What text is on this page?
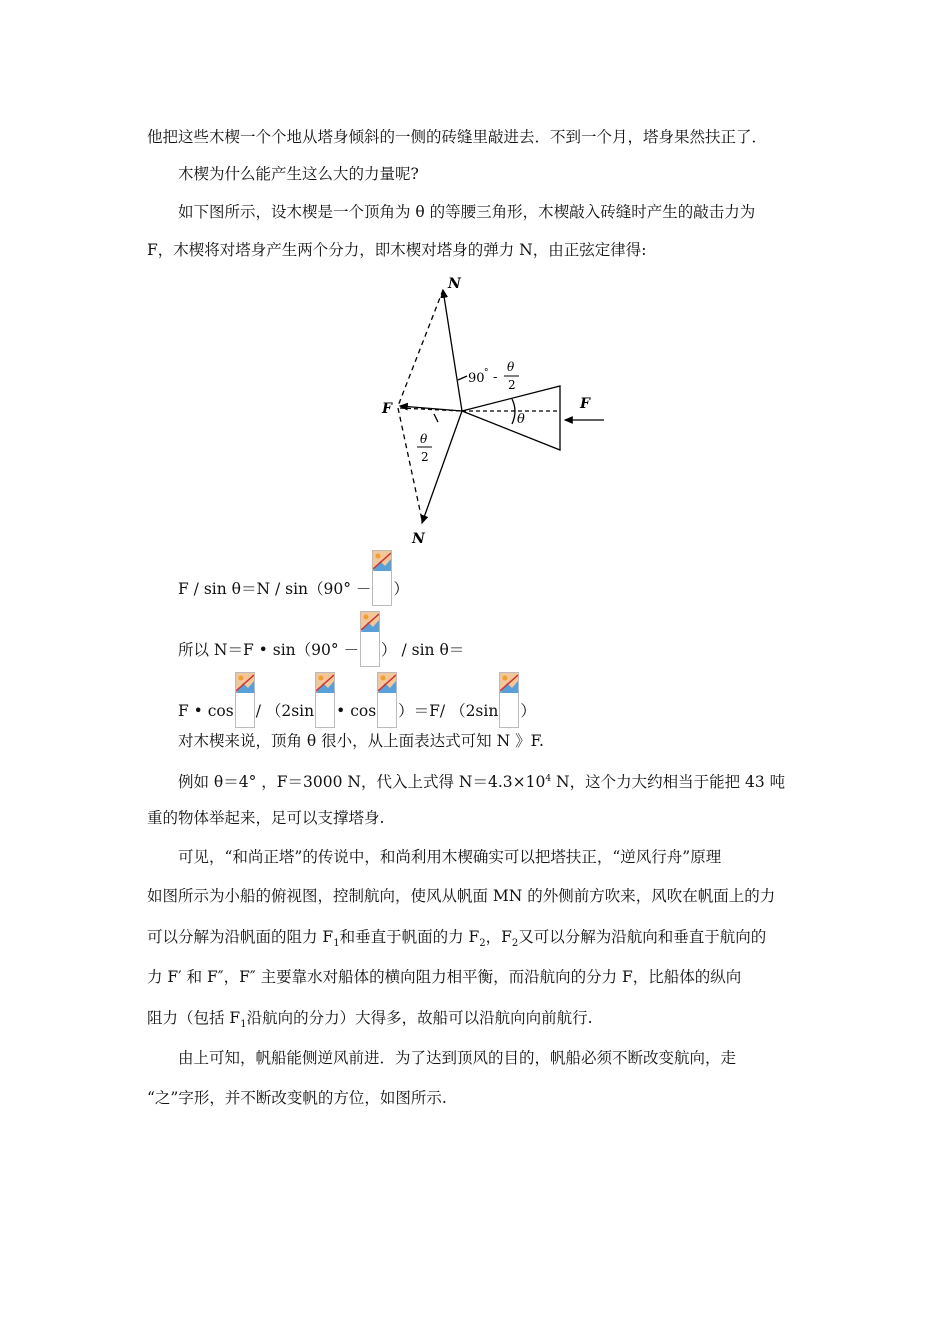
他把这些木楔一个个地从塔身倾斜的一侧的砖缝里敲进去．不到一个月，塔身果然扶正了．
木楔为什么能产生这么大的力量呢?
如下图所示，设木楔是一个顶角为 θ 的等腰三角形，木楔敲入砖缝时产生的敲击力为
F，木楔将对塔身产生两个分力，即木楔对塔身的弹力 N，由正弦定律得:
N
N
F	F
θ
90 ° -
θ
2
θ
2
F / sin θ＝N / sin（90° － ）
所以 N＝F • sin（90° － ） / sin θ＝
F • cos / （2sin • cos ）＝F/ （2sin ）
对木楔来说，顶角 θ 很小，从上面表达式可知 N 》F.
例如 θ＝4° ，F＝3000 N，代入上式得 $N=4.3\times 10^4$ N，这个力大约相当于能把 43 吨
重的物体举起来，足可以支撑塔身.
可见，“和尚正塔”的传说中，和尚利用木楔确实可以把塔扶正，“逆风行舟”原理
如图所示为小船的俯视图，控制航向，使风从帆面 MN 的外侧前方吹来，风吹在帆面上的力
可以分解为沿帆面的阻力 $F_1$和垂直于帆面的力 $F_2$，$F_2$又可以分解为沿航向和垂直于航向的
力 F′ 和 F″，F″ 主要靠水对船体的横向阻力相平衡，而沿航向的分力 F，比船体的纵向
阻力（包括 $F_1$沿航向的分力）大得多，故船可以沿航向向前航行.
由上可知，帆船能侧逆风前进．为了达到顶风的目的，帆船必须不断改变航向，走
“之”字形，并不断改变帆的方位，如图所示.
